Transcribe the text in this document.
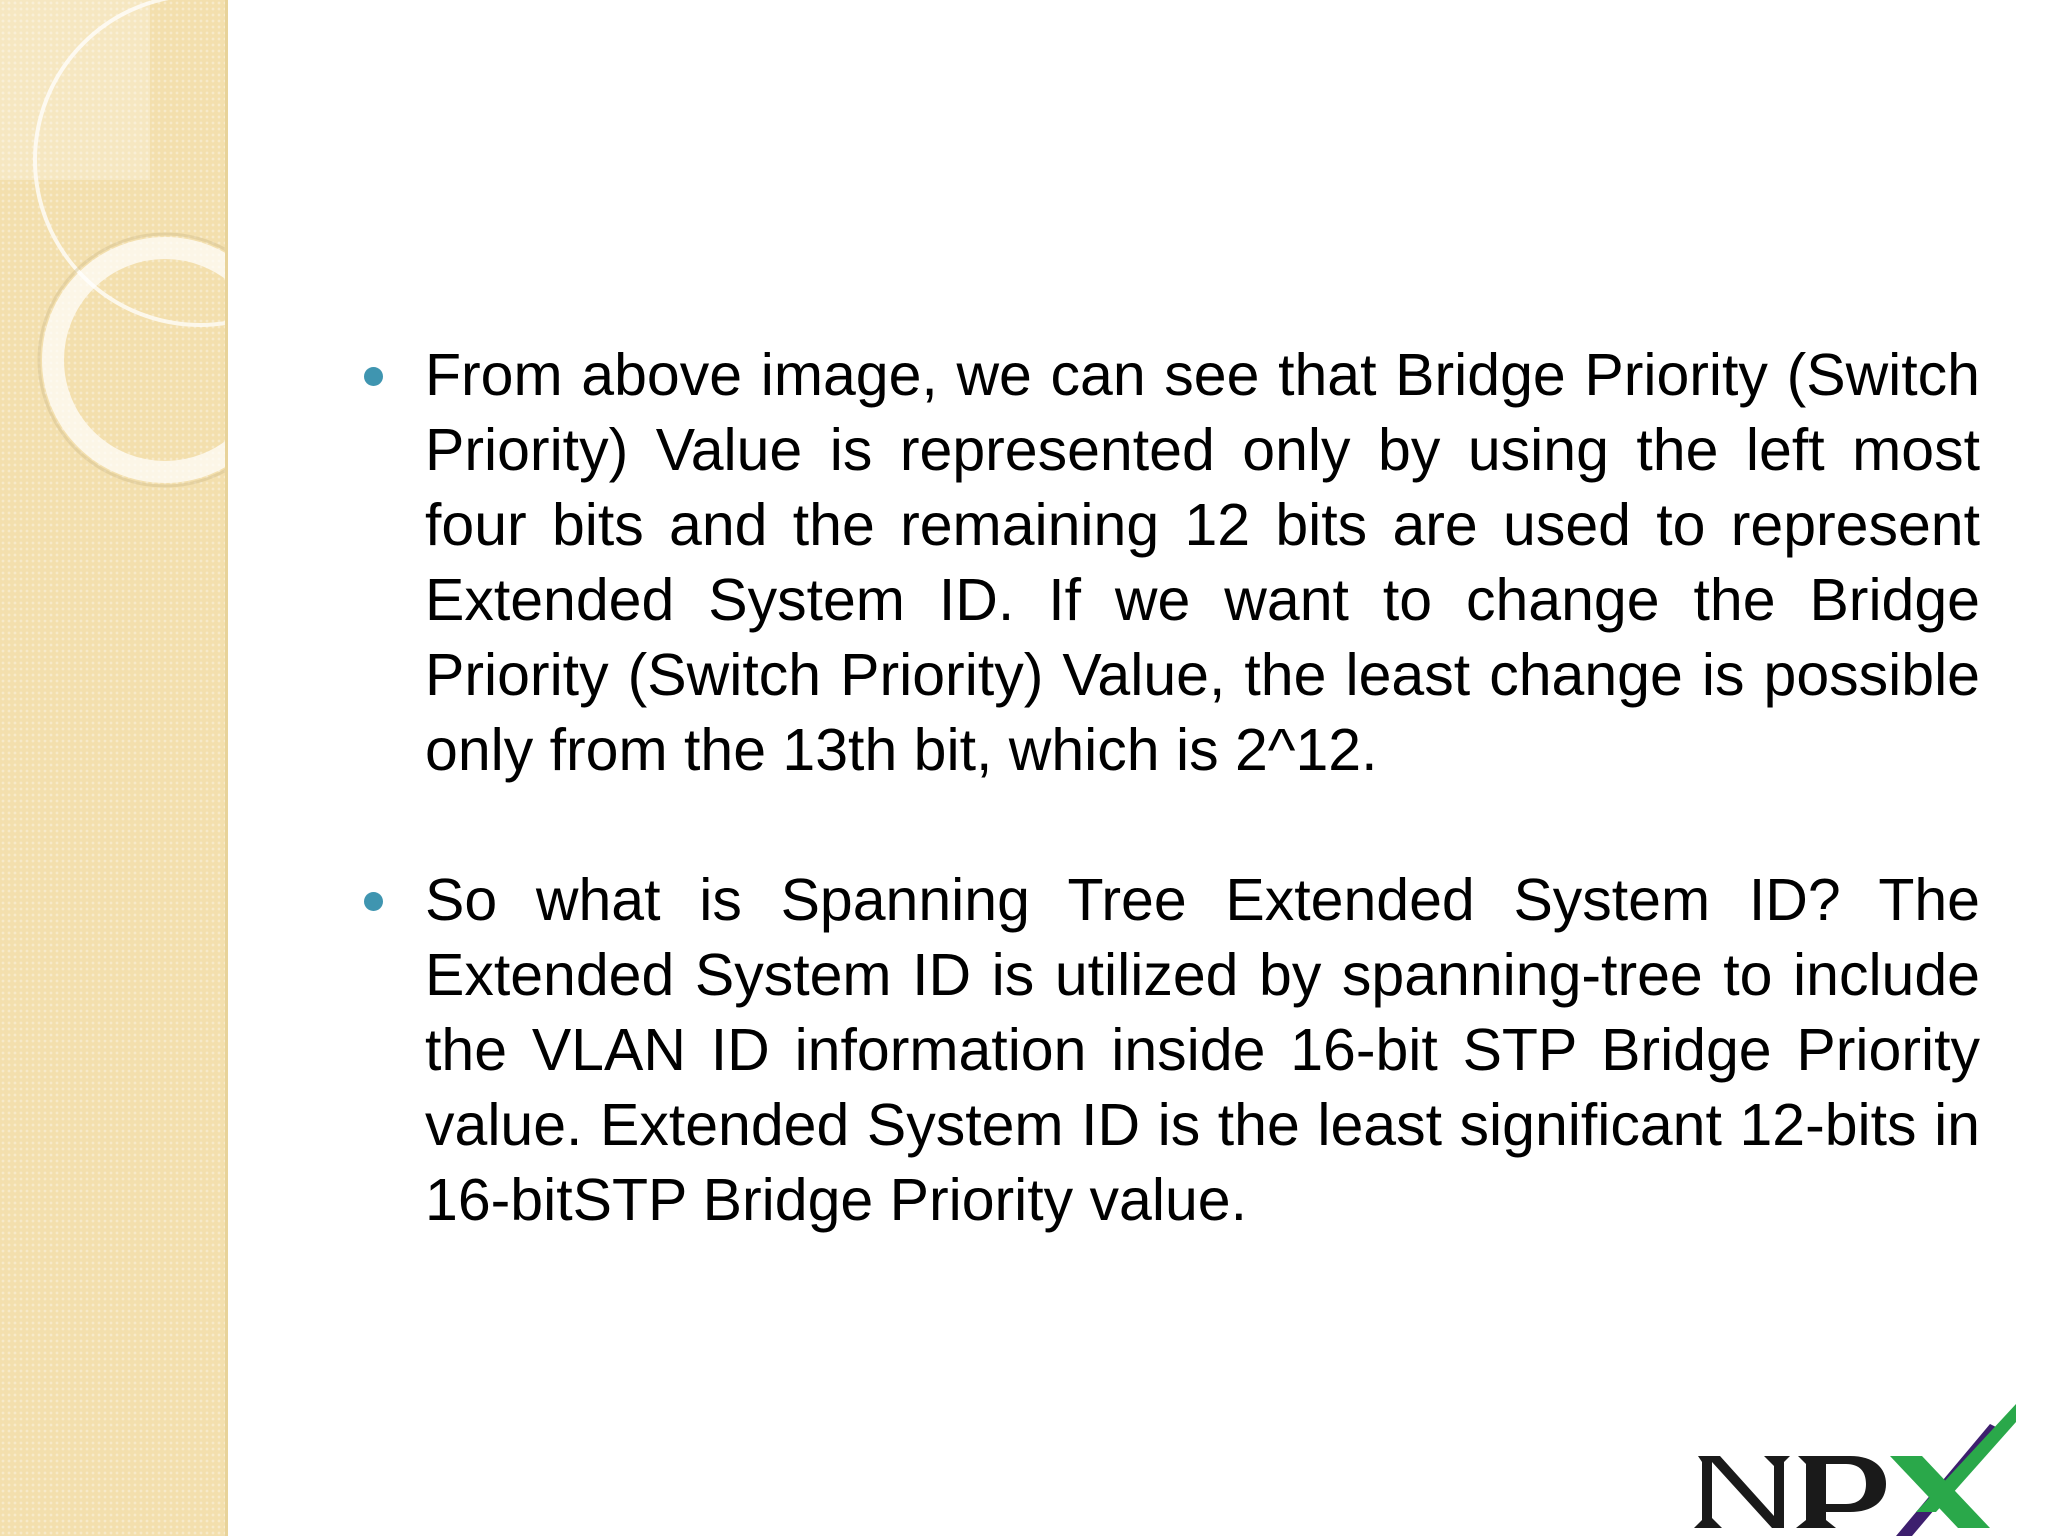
From above image, we can see that Bridge Priority (Switch Priority) Value is represented only by using the left most four bits and the remaining 12 bits are used to represent Extended System ID. If we want to change the Bridge Priority (Switch Priority) Value, the least change is possible only from the 13th bit, which is 2^12.

So what is Spanning Tree Extended System ID? The Extended System ID is utilized by spanning-tree to include the VLAN ID information inside 16-bit STP Bridge Priority value. Extended System ID is the least significant 12-bits in 16-bitSTP Bridge Priority value.
